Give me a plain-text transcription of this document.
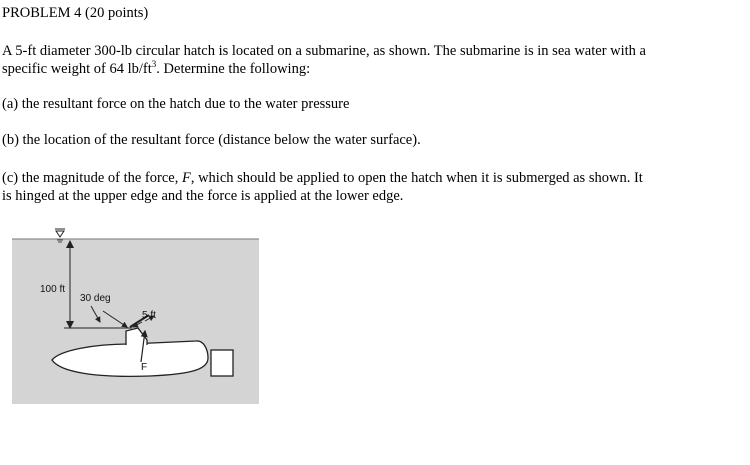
PROBLEM 4 (20 points)
A 5-ft diameter 300-lb circular hatch is located on a submarine, as shown. The submarine is in sea water with a
specific weight of 64 $lb/ft^3$. Determine the following:
(a) the resultant force on the hatch due to the water pressure
(b) the location of the resultant force (distance below the water surface).
(c) the magnitude of the force, F, which should be applied to open the hatch when it is submerged as shown. It
is hinged at the upper edge and the force is applied at the lower edge.
100 ft
30 deg
5 ft
F
